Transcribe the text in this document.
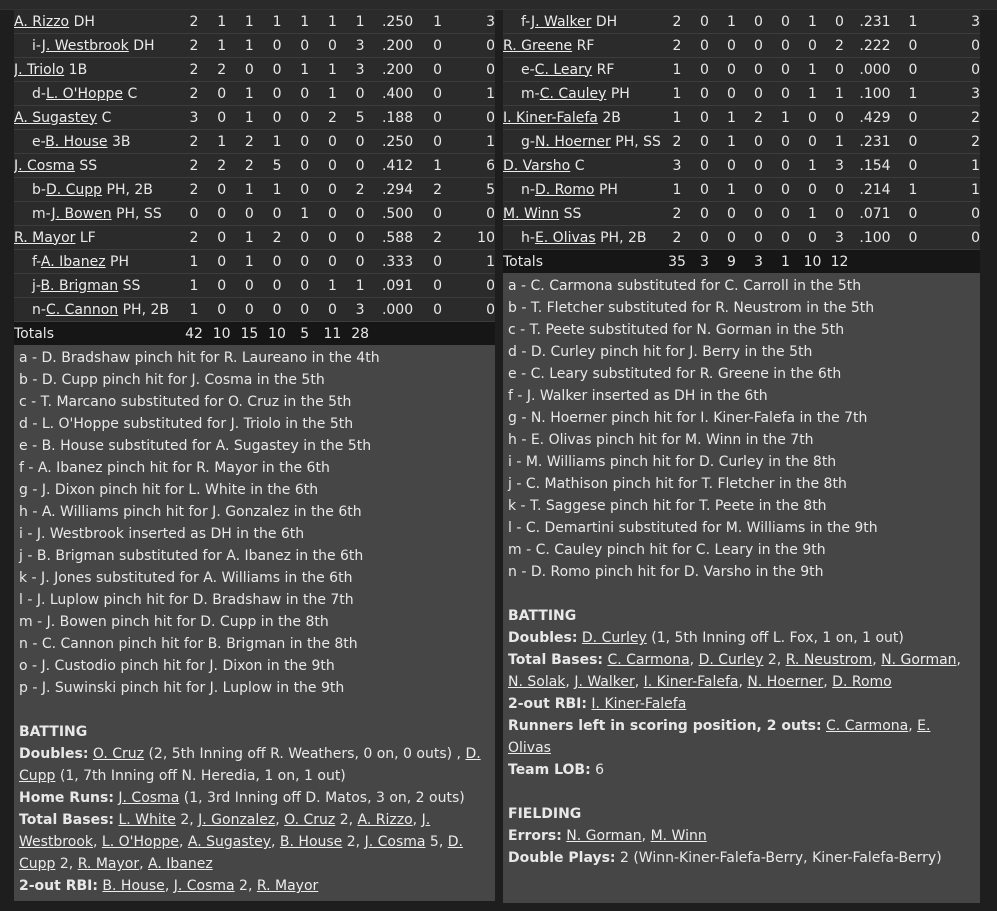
A. Rizzo DH	2	1	1	1	1	1	1	.250	1	3
i-J. Westbrook DH	2	1	1	0	0	0	3	.200	0	0
J. Triolo 1B	2	2	0	0	1	1	3	.200	0	0
d-L. O'Hoppe C	2	0	1	0	0	1	0	.400	0	1
A. Sugastey C	3	0	1	0	0	2	5	.188	0	0
e-B. House 3B	2	1	2	1	0	0	0	.250	0	1
J. Cosma SS	2	2	2	5	0	0	0	.412	1	6
b-D. Cupp PH, 2B	2	0	1	1	0	0	2	.294	2	5
m-J. Bowen PH, SS	0	0	0	0	1	0	0	.500	0	0
R. Mayor LF	2	0	1	2	0	0	0	.588	2	10
f-A. Ibanez PH	1	0	1	0	0	0	0	.333	0	1
j-B. Brigman SS	1	0	0	0	0	1	1	.091	0	0
n-C. Cannon PH, 2B	1	0	0	0	0	0	3	.000	0	0
Totals	42	10	15	10	5	11	28			
a - D. Bradshaw pinch hit for R. Laureano in the 4th
b - D. Cupp pinch hit for J. Cosma in the 5th
c - T. Marcano substituted for O. Cruz in the 5th
d - L. O'Hoppe substituted for J. Triolo in the 5th
e - B. House substituted for A. Sugastey in the 5th
f - A. Ibanez pinch hit for R. Mayor in the 6th
g - J. Dixon pinch hit for L. White in the 6th
h - A. Williams pinch hit for J. Gonzalez in the 6th
i - J. Westbrook inserted as DH in the 6th
j - B. Brigman substituted for A. Ibanez in the 6th
k - J. Jones substituted for A. Williams in the 6th
l - J. Luplow pinch hit for D. Bradshaw in the 7th
m - J. Bowen pinch hit for D. Cupp in the 8th
n - C. Cannon pinch hit for B. Brigman in the 8th
o - J. Custodio pinch hit for J. Dixon in the 9th
p - J. Suwinski pinch hit for J. Luplow in the 9th
BATTING
Doubles: O. Cruz (2, 5th Inning off R. Weathers, 0 on, 0 outs) , D. Cupp (1, 7th Inning off N. Heredia, 1 on, 1 out)
Home Runs: J. Cosma (1, 3rd Inning off D. Matos, 3 on, 2 outs)
Total Bases: L. White 2, J. Gonzalez, O. Cruz 2, A. Rizzo, J. Westbrook, L. O'Hoppe, A. Sugastey, B. House 2, J. Cosma 5, D. Cupp 2, R. Mayor, A. Ibanez
2-out RBI: B. House, J. Cosma 2, R. Mayor
f-J. Walker DH	2	0	1	0	0	1	0	.231	1	3
R. Greene RF	2	0	0	0	0	0	2	.222	0	0
e-C. Leary RF	1	0	0	0	0	1	0	.000	0	0
m-C. Cauley PH	1	0	0	0	0	1	1	.100	1	3
I. Kiner-Falefa 2B	1	0	1	2	1	0	0	.429	0	2
g-N. Hoerner PH, SS	2	0	1	0	0	0	1	.231	0	2
D. Varsho C	3	0	0	0	0	1	3	.154	0	1
n-D. Romo PH	1	0	1	0	0	0	0	.214	1	1
M. Winn SS	2	0	0	0	0	1	0	.071	0	0
h-E. Olivas PH, 2B	2	0	0	0	0	0	3	.100	0	0
Totals	35	3	9	3	1	10	12			
a - C. Carmona substituted for C. Carroll in the 5th
b - T. Fletcher substituted for R. Neustrom in the 5th
c - T. Peete substituted for N. Gorman in the 5th
d - D. Curley pinch hit for J. Berry in the 5th
e - C. Leary substituted for R. Greene in the 6th
f - J. Walker inserted as DH in the 6th
g - N. Hoerner pinch hit for I. Kiner-Falefa in the 7th
h - E. Olivas pinch hit for M. Winn in the 7th
i - M. Williams pinch hit for D. Curley in the 8th
j - C. Mathison pinch hit for T. Fletcher in the 8th
k - T. Saggese pinch hit for T. Peete in the 8th
l - C. Demartini substituted for M. Williams in the 9th
m - C. Cauley pinch hit for C. Leary in the 9th
n - D. Romo pinch hit for D. Varsho in the 9th
BATTING
Doubles: D. Curley (1, 5th Inning off L. Fox, 1 on, 1 out)
Total Bases: C. Carmona, D. Curley 2, R. Neustrom, N. Gorman, N. Solak, J. Walker, I. Kiner-Falefa, N. Hoerner, D. Romo
2-out RBI: I. Kiner-Falefa
Runners left in scoring position, 2 outs: C. Carmona, E. Olivas
Team LOB: 6
FIELDING
Errors: N. Gorman, M. Winn
Double Plays: 2 (Winn-Kiner-Falefa-Berry, Kiner-Falefa-Berry)
